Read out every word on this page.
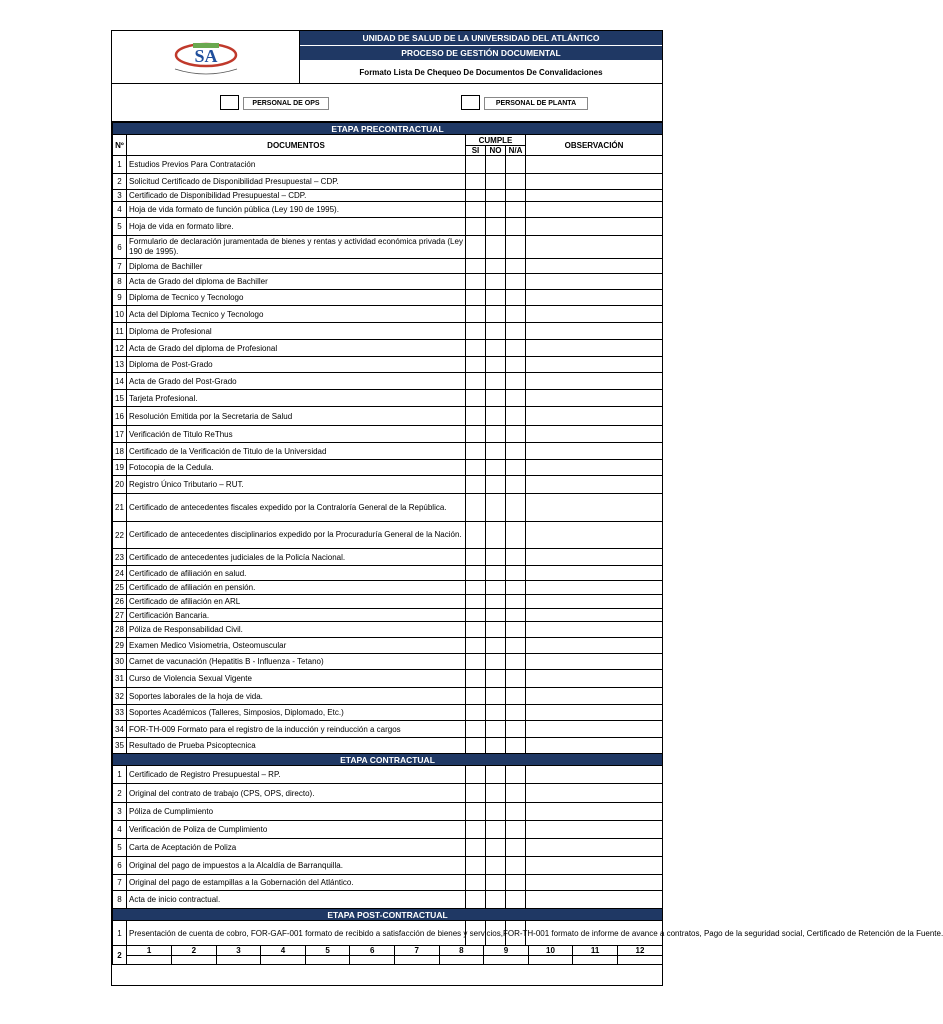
SA
UNIDAD DE SALUD DE LA UNIVERSIDAD DEL ATLÁNTICO
PROCESO DE GESTIÓN DOCUMENTAL
Formato Lista De Chequeo De Documentos De Convalidaciones
PERSONAL DE OPS	PERSONAL DE PLANTA
ETAPA PRECONTRACTUAL
Nº	DOCUMENTOS	CUMPLE	OBSERVACIÓN
SI	NO	N/A
1	Estudios Previos Para Contratación				
2	Solicitud Certificado de Disponibilidad Presupuestal – CDP.				
3	Certificado de Disponibilidad Presupuestal – CDP.				
4	Hoja de vida formato de función pública (Ley 190 de 1995).				
5	Hoja de vida en formato libre.				
6	Formulario de declaración juramentada de bienes y rentas y actividad económica privada (Ley 190 de 1995).				
7	Diploma de Bachiller				
8	Acta de Grado del diploma de Bachiller				
9	Diploma de Tecnico y Tecnologo				
10	Acta del Diploma Tecnico y Tecnologo				
11	Diploma de Profesional				
12	Acta de Grado del diploma de Profesional				
13	Diploma de Post-Grado				
14	Acta de Grado del Post-Grado				
15	Tarjeta Profesional.				
16	Resolución Emitida por la Secretaria de Salud				
17	Verificación de Titulo ReThus				
18	Certificado de la Verificación de Titulo de la Universidad				
19	Fotocopia de la Cedula.				
20	Registro Único Tributario – RUT.				
21	Certificado de antecedentes fiscales expedido por la Contraloría General de la República.				
22	Certificado de antecedentes disciplinarios expedido por la Procuraduría General de la Nación.				
23	Certificado de antecedentes judiciales de la Policía Nacional.				
24	Certificado de afiliación en salud.				
25	Certificado de afiliación en pensión.				
26	Certificado de afiliación en ARL				
27	Certificación Bancaria.				
28	Póliza de Responsabilidad Civil.				
29	Examen Medico Visiometria, Osteomuscular				
30	Carnet de vacunación (Hepatitis B - Influenza - Tetano)				
31	Curso de Violencia Sexual Vigente				
32	Soportes laborales de la hoja de vida.				
33	Soportes Académicos (Talleres, Simposios, Diplomado, Etc.)				
34	FOR-TH-009 Formato para el registro de la inducción y reinducción a cargos				
35	Resultado de Prueba Psicoptecnica				
ETAPA CONTRACTUAL
1	Certificado de Registro Presupuestal – RP.				
2	Original del contrato de trabajo (CPS, OPS, directo).				
3	Póliza de Cumplimiento				
4	Verificación de Poliza de Cumplimiento				
5	Carta de Aceptación de Poliza				
6	Original del pago de impuestos a la Alcaldía de Barranquilla.				
7	Original del pago de estampillas a la Gobernación del Atlántico.				
8	Acta de inicio contractual.				
ETAPA POST-CONTRACTUAL
1	Presentación de cuenta de cobro, FOR-GAF-001 formato de recibido a satisfacción de bienes y servicios,FOR-TH-001 formato de informe de avance a contratos, Pago de la seguridad social, Certificado de Retención de la Fuente.				
2		1	2	3	4	5	6	7	8	9	10	11	12
